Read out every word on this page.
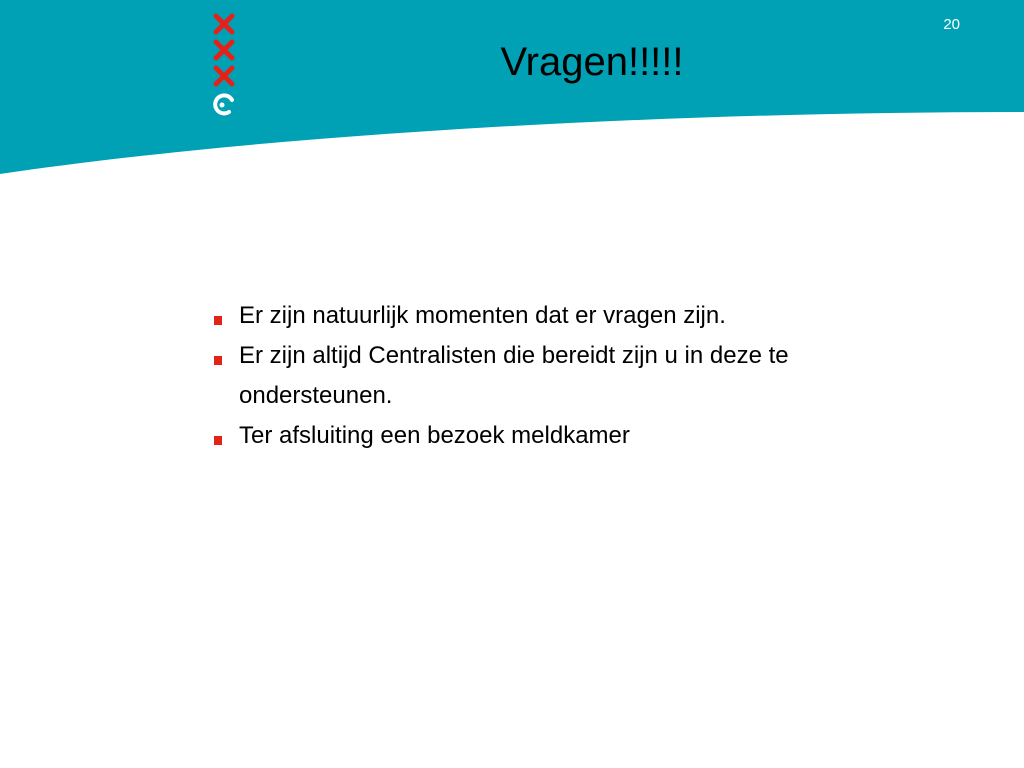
20
Vragen!!!!!
Er zijn natuurlijk momenten dat er vragen zijn.
Er zijn altijd Centralisten die bereidt zijn u in deze te ondersteunen.
Ter afsluiting een bezoek meldkamer
